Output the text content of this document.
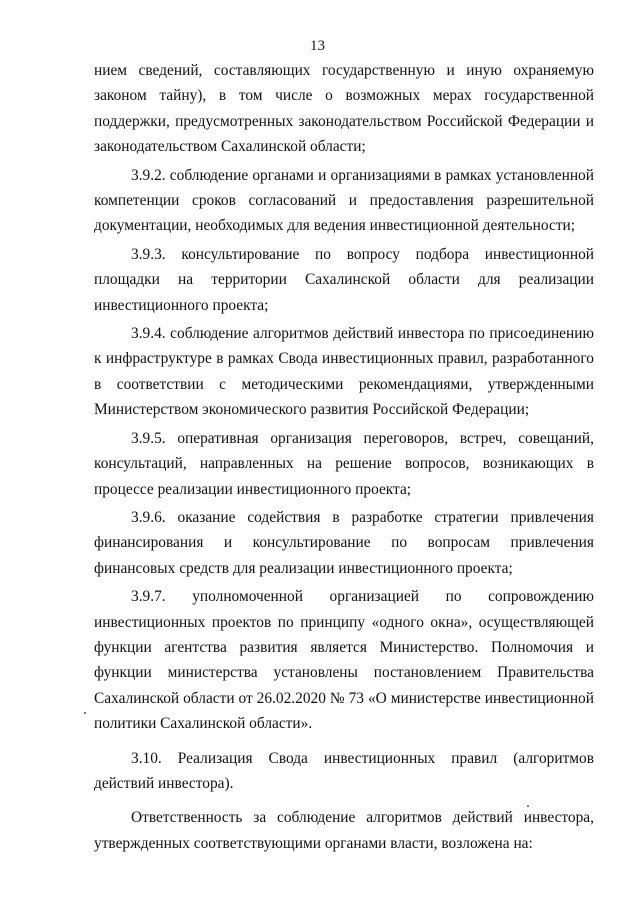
13

нием сведений, составляющих государственную и иную охраняемую законом тайну), в том числе о возможных мерах государственной поддержки, предусмотренных законодательством Российской Федерации и законодательством Сахалинской области;

3.9.2. соблюдение органами и организациями в рамках установленной компетенции сроков согласований и предоставления разрешительной документации, необходимых для ведения инвестиционной деятельности;

3.9.3. консультирование по вопросу подбора инвестиционной площадки на территории Сахалинской области для реализации инвестиционного проекта;

3.9.4. соблюдение алгоритмов действий инвестора по присоединению к инфраструктуре в рамках Свода инвестиционных правил, разработанного в соответствии с методическими рекомендациями, утвержденными Министерством экономического развития Российской Федерации;

3.9.5. оперативная организация переговоров, встреч, совещаний, консультаций, направленных на решение вопросов, возникающих в процессе реализации инвестиционного проекта;

3.9.6. оказание содействия в разработке стратегии привлечения финансирования и консультирование по вопросам привлечения финансовых средств для реализации инвестиционного проекта;

3.9.7. уполномоченной организацией по сопровождению инвестиционных проектов по принципу «одного окна», осуществляющей функции агентства развития является Министерство. Полномочия и функции министерства установлены постановлением Правительства Сахалинской области от 26.02.2020 № 73 «О министерстве инвестиционной политики Сахалинской области».

3.10. Реализация Свода инвестиционных правил (алгоритмов действий инвестора).

Ответственность за соблюдение алгоритмов действий инвестора, утвержденных соответствующими органами власти, возложена на:
